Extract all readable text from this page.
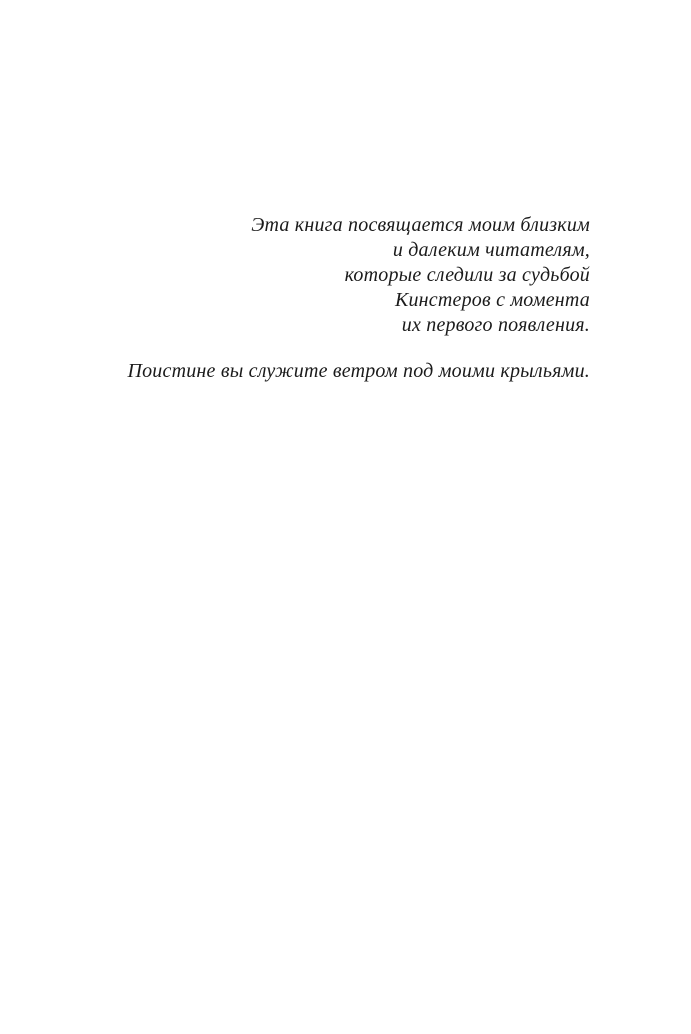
Эта книга посвящается моим близким

и далеким читателям,

которые следили за судьбой

Кинстеров с момента

их первого появления.

Поистине вы служите ветром под моими крыльями.
